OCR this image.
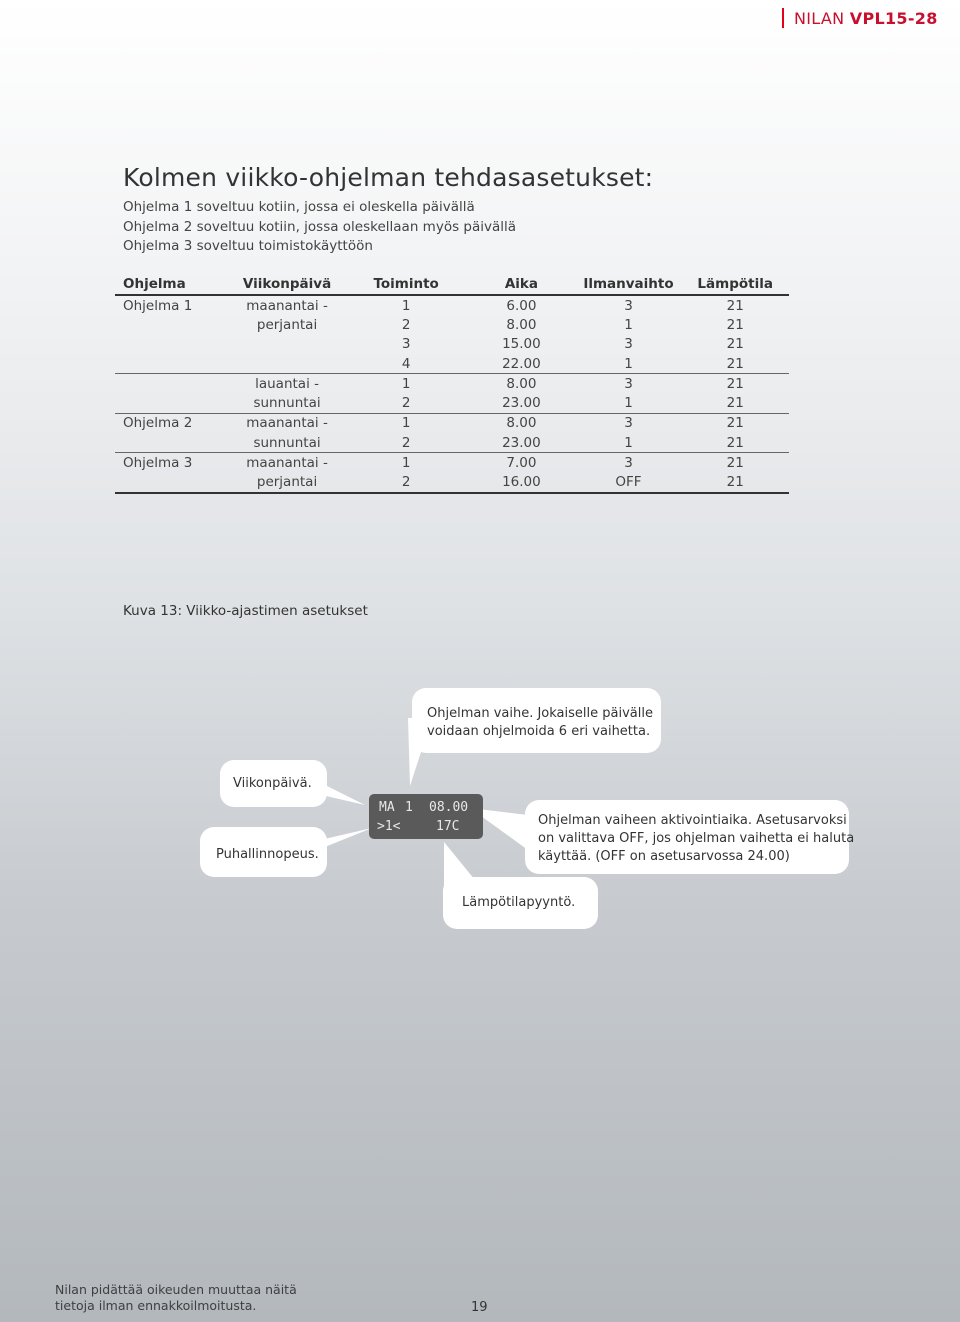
NILAN VPL15-28
Kolmen viikko-ohjelman tehdasasetukset:
Ohjelma 1 soveltuu kotiin, jossa ei oleskella päivällä
Ohjelma 2 soveltuu kotiin, jossa oleskellaan myös päivällä
Ohjelma 3 soveltuu toimistokäyttöön
Ohjelma	Viikonpäivä	Toiminto	Aika	Ilmanvaihto	Lämpötila
Ohjelma 1	maanantai -	1	6.00	3	21
	perjantai	2	8.00	1	21
		3	15.00	3	21
		4	22.00	1	21
	lauantai -	1	8.00	3	21
	sunnuntai	2	23.00	1	21
Ohjelma 2	maanantai -	1	8.00	3	21
	sunnuntai	2	23.00	1	21
Ohjelma 3	maanantai -	1	7.00	3	21
	perjantai	2	16.00	OFF	21
Kuva 13: Viikko-ajastimen asetukset
Ohjelman vaihe. Jokaiselle päivälle
voidaan ohjelmoida 6 eri vaihetta.
Viikonpäivä.
Puhallinnopeus.
Ohjelman vaiheen aktivointiaika. Asetusarvoksi
on valittava OFF, jos ohjelman vaihetta ei haluta
käyttää. (OFF on asetusarvossa 24.00)
Lämpötilapyyntö.
MA 1 08.00
>1<	17C
Nilan pidättää oikeuden muuttaa näitä
tietoja ilman ennakkoilmoitusta.	19
